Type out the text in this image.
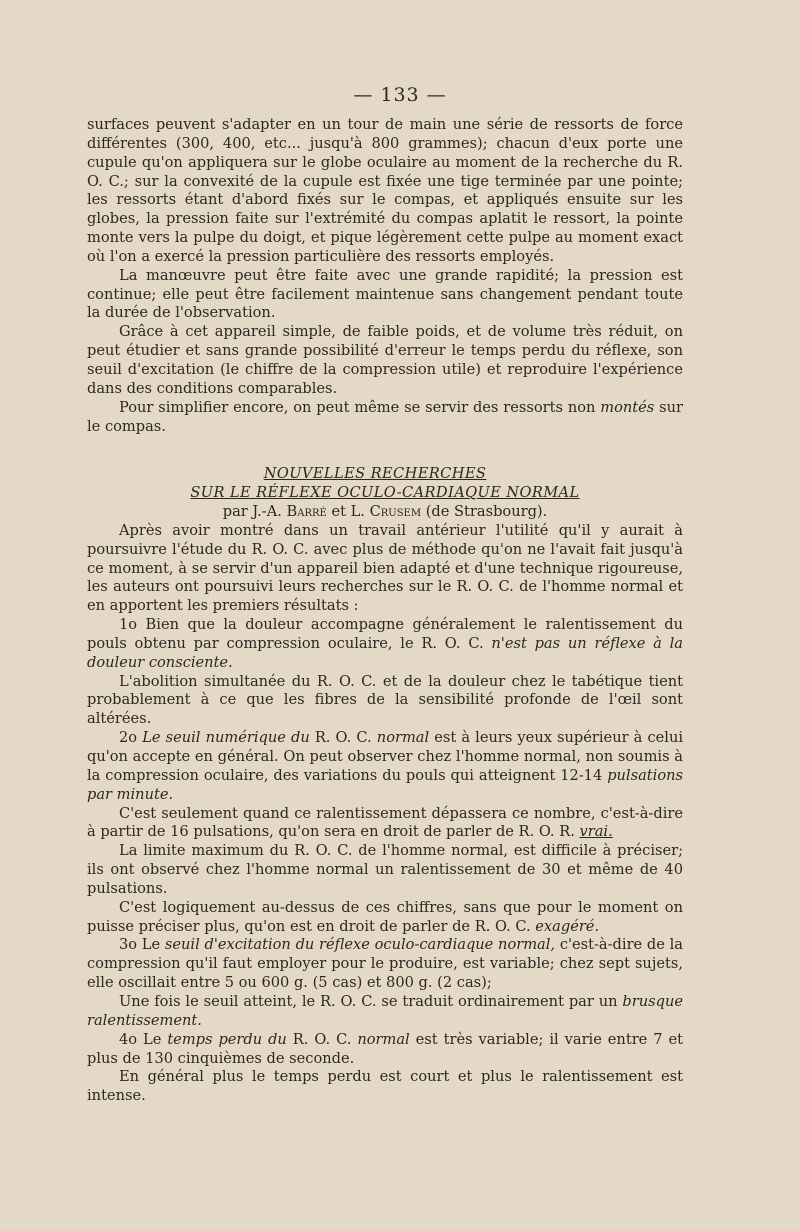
— 133 —

surfaces peuvent s'adapter en un tour de main une série de ressorts de force différentes (300, 400, etc... jusqu'à 800 grammes); chacun d'eux porte une cupule qu'on appliquera sur le globe oculaire au moment de la recherche du R. O. C.; sur la convexité de la cupule est fixée une tige terminée par une pointe; les ressorts étant d'abord fixés sur le compas, et appliqués ensuite sur les globes, la pression faite sur l'extrémité du compas aplatit le ressort, la pointe monte vers la pulpe du doigt, et pique légèrement cette pulpe au moment exact où l'on a exercé la pression particulière des ressorts employés.

La manœuvre peut être faite avec une grande rapidité; la pression est continue; elle peut être facilement maintenue sans changement pendant toute la durée de l'observation.

Grâce à cet appareil simple, de faible poids, et de volume très réduit, on peut étudier et sans grande possibilité d'erreur le temps perdu du réflexe, son seuil d'excitation (le chiffre de la compression utile) et reproduire l'expérience dans des conditions comparables.

Pour simplifier encore, on peut même se servir des ressorts non montés sur le compas.

NOUVELLES RECHERCHES
SUR LE RÉFLEXE OCULO-CARDIAQUE NORMAL
par J.-A. Barré et L. Crusem (de Strasbourg).

Après avoir montré dans un travail antérieur l'utilité qu'il y aurait à poursuivre l'étude du R. O. C. avec plus de méthode qu'on ne l'avait fait jusqu'à ce moment, à se servir d'un appareil bien adapté et d'une technique rigoureuse, les auteurs ont poursuivi leurs recherches sur le R. O. C. de l'homme normal et en apportent les premiers résultats :

1o Bien que la douleur accompagne généralement le ralentissement du pouls obtenu par compression oculaire, le R. O. C. n'est pas un réflexe à la douleur consciente.

L'abolition simultanée du R. O. C. et de la douleur chez le tabétique tient probablement à ce que les fibres de la sensibilité profonde de l'œil sont altérées.

2o Le seuil numérique du R. O. C. normal est à leurs yeux supérieur à celui qu'on accepte en général. On peut observer chez l'homme normal, non soumis à la compression oculaire, des variations du pouls qui atteignent 12-14 pulsations par minute.

C'est seulement quand ce ralentissement dépassera ce nombre, c'est-à-dire à partir de 16 pulsations, qu'on sera en droit de parler de R. O. R. vrai.

La limite maximum du R. O. C. de l'homme normal, est difficile à préciser; ils ont observé chez l'homme normal un ralentissement de 30 et même de 40 pulsations.

C'est logiquement au-dessus de ces chiffres, sans que pour le moment on puisse préciser plus, qu'on est en droit de parler de R. O. C. exagéré.

3o Le seuil d'excitation du réflexe oculo-cardiaque normal, c'est-à-dire de la compression qu'il faut employer pour le produire, est variable; chez sept sujets, elle oscillait entre 5 ou 600 g. (5 cas) et 800 g. (2 cas);

Une fois le seuil atteint, le R. O. C. se traduit ordinairement par un brusque ralentissement.

4o Le temps perdu du R. O. C. normal est très variable; il varie entre 7 et plus de 130 cinquièmes de seconde.

En général plus le temps perdu est court et plus le ralentissement est intense.
